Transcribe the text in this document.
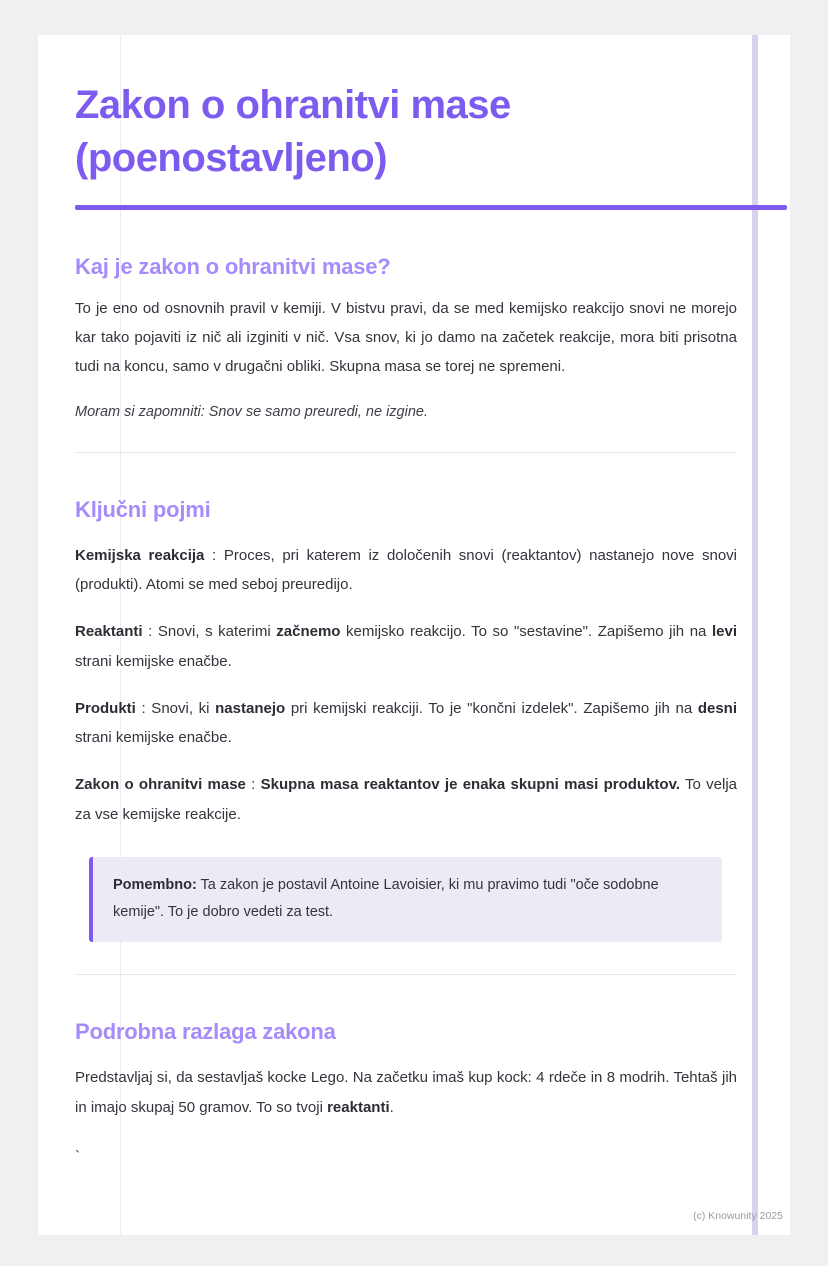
Zakon o ohranitvi mase (poenostavljeno)
Kaj je zakon o ohranitvi mase?

To je eno od osnovnih pravil v kemiji. V bistvu pravi, da se med kemijsko reakcijo snovi ne morejo kar tako pojaviti iz nič ali izginiti v nič. Vsa snov, ki jo damo na začetek reakcije, mora biti prisotna tudi na koncu, samo v drugačni obliki. Skupna masa se torej ne spremeni.

Moram si zapomniti: Snov se samo preuredi, ne izgine.

Ključni pojmi

Kemijska reakcija : Proces, pri katerem iz določenih snovi (reaktantov) nastanejo nove snovi (produkti). Atomi se med seboj preuredijo.

Reaktanti : Snovi, s katerimi začnemo kemijsko reakcijo. To so "sestavine". Zapišemo jih na levi strani kemijske enačbe.

Produkti : Snovi, ki nastanejo pri kemijski reakciji. To je "končni izdelek". Zapišemo jih na desni strani kemijske enačbe.

Zakon o ohranitvi mase : Skupna masa reaktantov je enaka skupni masi produktov. To velja za vse kemijske reakcije.

Pomembno: Ta zakon je postavil Antoine Lavoisier, ki mu pravimo tudi "oče sodobne kemije". To je dobro vedeti za test.

Podrobna razlaga zakona

Predstavljaj si, da sestavljaš kocke Lego. Na začetku imaš kup kock: 4 rdeče in 8 modrih. Tehtaš jih in imajo skupaj 50 gramov. To so tvoji reaktanti.

`

(c) Knowunity 2025
